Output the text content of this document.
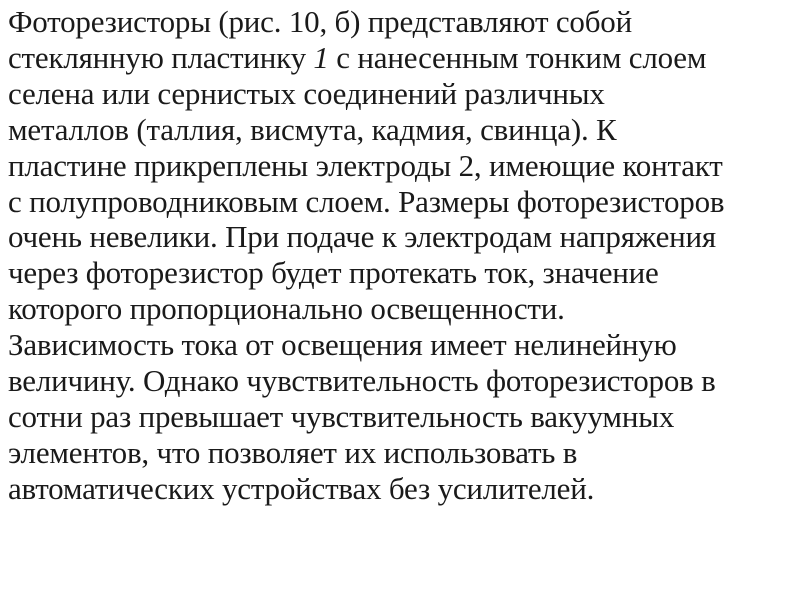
Фоторезисторы (рис. 10, б) представляют собой
стеклянную пластинку 1 с нанесенным тонким слоем
селена или сернистых соединений различных
металлов (таллия, висмута, кадмия, свинца). К
пластине прикреплены электроды 2, имеющие контакт
с полупроводниковым слоем. Размеры фоторезисторов
очень невелики. При подаче к электродам напряжения
через фоторезистор будет протекать ток, значение
которого пропорционально освещенности.
Зависимость тока от освещения имеет нелинейную
величину. Однако чувствительность фоторезисторов в
сотни раз превышает чувствительность вакуумных
элементов, что позволяет их использовать в
автоматических устройствах без усилителей.
